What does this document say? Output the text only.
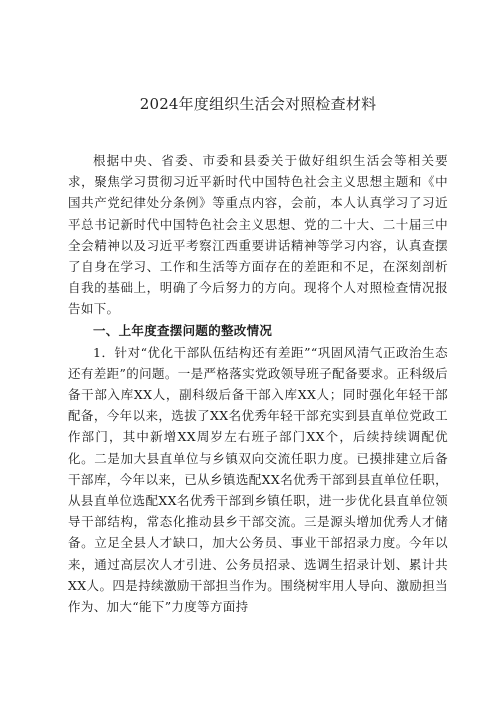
2024年度组织生活会对照检查材料

根据中央、省委、市委和县委关于做好组织生活会等相关要求，聚焦学习贯彻习近平新时代中国特色社会主义思想主题和《中国共产党纪律处分条例》等重点内容，会前，本人认真学习了习近平总书记新时代中国特色社会主义思想、党的二十大、二十届三中全会精神以及习近平考察江西重要讲话精神等学习内容，认真查摆了自身在学习、工作和生活等方面存在的差距和不足，在深刻剖析自我的基础上，明确了今后努力的方向。现将个人对照检查情况报告如下。

一、上年度查摆问题的整改情况

1．针对“优化干部队伍结构还有差距”“巩固风清气正政治生态还有差距”的问题。一是严格落实党政领导班子配备要求。正科级后备干部入库XX人，副科级后备干部入库XX人；同时强化年轻干部配备，今年以来，选拔了XX名优秀年轻干部充实到县直单位党政工作部门，其中新增XX周岁左右班子部门XX个，后续持续调配优化。二是加大县直单位与乡镇双向交流任职力度。已摸排建立后备干部库，今年以来，已从乡镇选配XX名优秀干部到县直单位任职，从县直单位选配XX名优秀干部到乡镇任职，进一步优化县直单位领导干部结构，常态化推动县乡干部交流。三是源头增加优秀人才储备。立足全县人才缺口，加大公务员、事业干部招录力度。今年以来，通过高层次人才引进、公务员招录、选调生招录计划、累计共XX人。四是持续激励干部担当作为。围绕树牢用人导向、激励担当作为、加大“能下”力度等方面持
